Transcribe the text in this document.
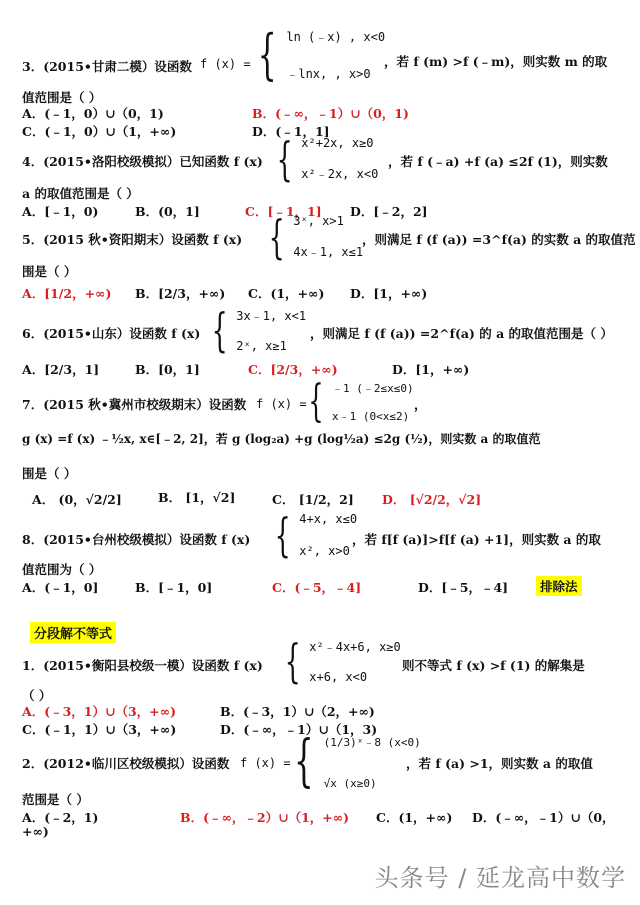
3．(2015•甘肃二模）设函数 f (x) = { ln (﹣x) , x<0
﹣lnx, , x>0
，若 f (m) >f (﹣m)，则实数 m 的取
值范围是（ ）
A．(﹣1，0）∪（0，1)	B．(﹣∞，﹣1）∪（0，1)
C．(﹣1，0）∪（1，+∞)	D．(﹣1，1]
4．(2015•洛阳校级模拟）已知函数 f (x) { x²+2x, x≥0
x²﹣2x, x<0
，若 f (﹣a) +f (a) ≤2f (1)，则实数
a 的取值范围是（ ）
A．[﹣1，0)	B．(0，1]	C．[﹣1，1] D．[﹣2，2]
5．(2015 秋•资阳期末）设函数 f (x) { 3ˣ, x>1
4x﹣1, x≤1
，则满足 f (f (a)) =3^f(a) 的实数 a 的取值范
围是（ ）
A．[1/2，+∞) B．[2/3，+∞) C．(1，+∞) D．[1，+∞)
6．(2015•山东）设函数 f (x) { 3x﹣1, x<1
2ˣ, x≥1
，则满足 f (f (a)) =2^f(a) 的 a 的取值范围是（ ）
A．[2/3，1]	B．[0，1]	C．[2/3，+∞)	D．[1，+∞)
7．(2015 秋•冀州市校级期末）设函数 f (x) = { ﹣1 (﹣2≤x≤0)
x﹣1 (0<x≤2)
，
g (x) =f (x) ﹣½x, x∈[﹣2, 2]，若 g (log₂a) +g (log½a) ≤2g (½)，则实数 a 的取值范
围是（ ）
A． (0，√2/2]	B． [1，√2]	C． [1/2，2] D． [√2/2，√2]
8．(2015•台州校级模拟）设函数 f (x) { 4+x, x≤0
x², x>0
，若 f[f (a)]>f[f (a) +1]，则实数 a 的取
值范围为（ ）
A．(﹣1，0]	B．[﹣1，0]	C．(﹣5，﹣4]	D．[﹣5，﹣4]	排除法
分段解不等式
1．(2015•衡阳县校级一模）设函数 f (x) { x²﹣4x+6, x≥0
x+6, x<0
则不等式 f (x) >f (1) 的解集是
（ ）
A．(﹣3，1）∪（3，+∞)	B．(﹣3，1）∪（2，+∞)
C．(﹣1，1）∪（3，+∞)	D．(﹣∞，﹣1）∪（1，3)
2．(2012•临川区校级模拟）设函数 f (x) = { (1/3)ˣ﹣8 (x<0)
√x (x≥0)
，若 f (a) >1，则实数 a 的取值
范围是（ ）
A．(﹣2，1)	B．(﹣∞，﹣2）∪（1，+∞) C．(1，+∞) D．(﹣∞，﹣1）∪（0，
+∞)
头条号 / 延龙高中数学
